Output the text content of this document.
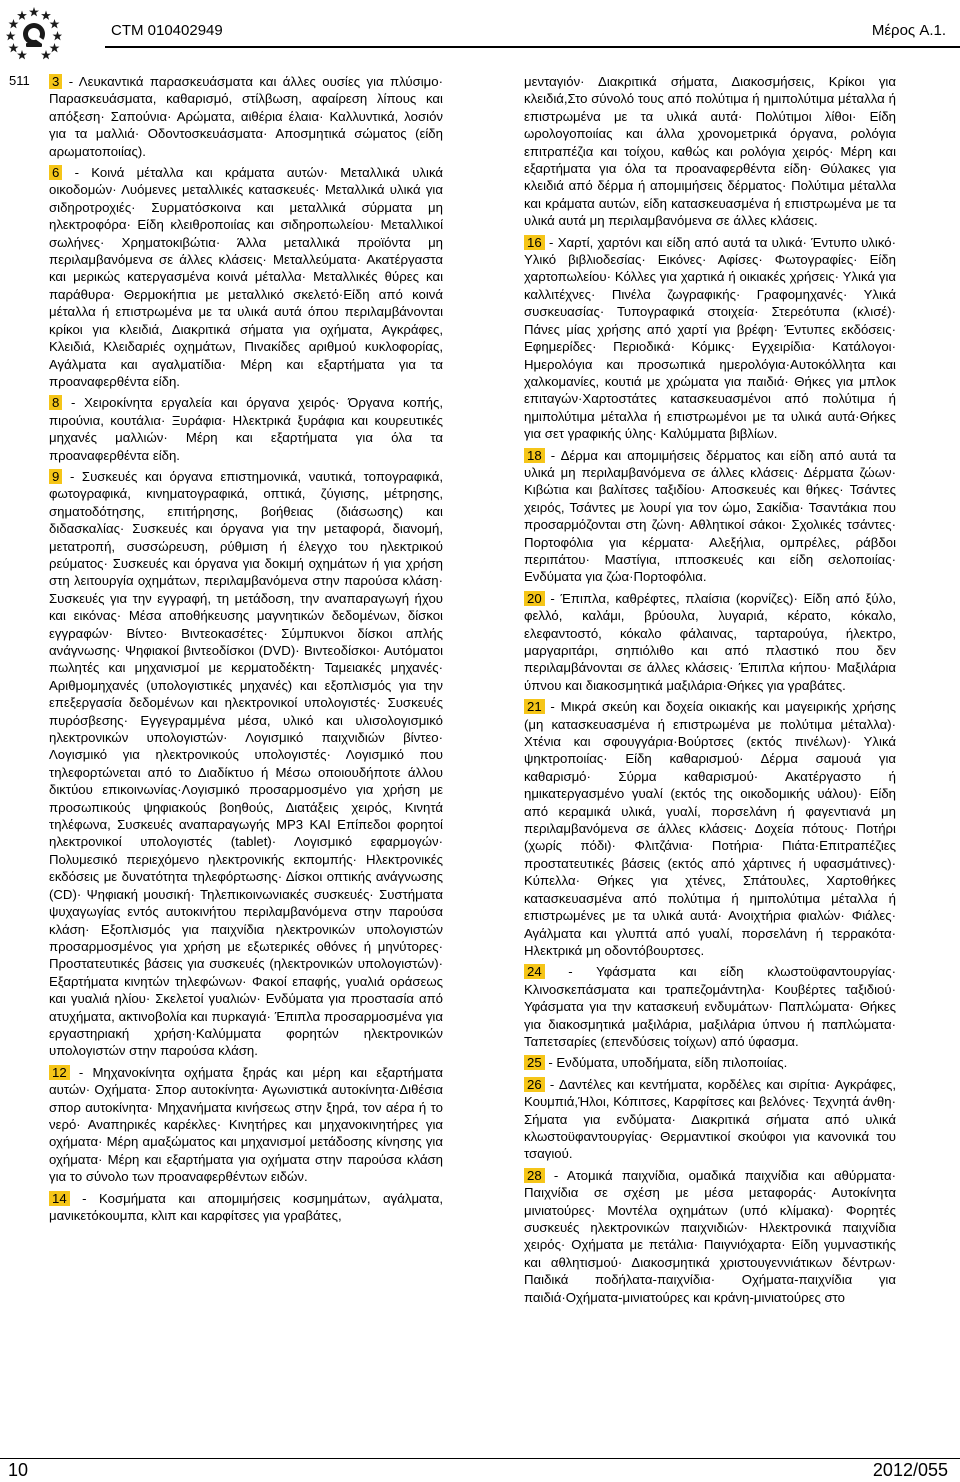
CTM 010402949	Μέρος A.1.
511 3 - Λευκαντικά παρασκευάσματα και άλλες ουσίες για πλύσιμο· Παρασκευάσματα, καθαρισμό, στίλβωση, αφαίρεση λίπους και απόξεση· Σαπούνια· Αρώματα, αιθέρια έλαια· Καλλυντικά, λοσιόν για τα μαλλιά· Οδοντοσκευάσματα· Αποσμητικά σώματος (είδη αρωματοποιίας).

6 - Κοινά μέταλλα και κράματα αυτών· Μεταλλικά υλικά οικοδομών· Λυόμενες μεταλλικές κατασκευές· Μεταλλικά υλικά για σιδηροτροχιές· Συρματόσκοινα και μεταλλικά σύρματα μη ηλεκτροφόρα· Είδη κλειθροποιίας και σιδηροπωλείου· Μεταλλικοί σωλήνες· Χρηματοκιβώτια· Άλλα μεταλλικά προϊόντα μη περιλαμβανόμενα σε άλλες κλάσεις· Μεταλλεύματα· Ακατέργαστα και μερικώς κατεργασμένα κοινά μέταλλα· Μεταλλικές θύρες και παράθυρα· Θερμοκήπια με μεταλλικό σκελετό·Είδη από κοινά μέταλλα ή επιστρωμένα με τα υλικά αυτά όπου περιλαμβάνονται κρίκοι για κλειδιά, Διακριτικά σήματα για οχήματα, Αγκράφες, Κλειδιά, Κλειδαριές οχημάτων, Πινακίδες αριθμού κυκλοφορίας, Αγάλματα και αγαλματίδια· Μέρη και εξαρτήματα για τα προαναφερθέντα είδη.

8 - Χειροκίνητα εργαλεία και όργανα χειρός· Όργανα κοπής, πιρούνια, κουτάλια· Ξυράφια· Ηλεκτρικά ξυράφια και κουρευτικές μηχανές μαλλιών· Μέρη και εξαρτήματα για όλα τα προαναφερθέντα είδη.

9 - Συσκευές και όργανα επιστημονικά, ναυτικά, τοπογραφικά, φωτογραφικά, κινηματογραφικά, οπτικά, ζύγισης, μέτρησης, σηματοδότησης, επιτήρησης, βοήθειας (διάσωσης) και διδασκαλίας· Συσκευές και όργανα για την μεταφορά, διανομή, μετατροπή, συσσώρευση, ρύθμιση ή έλεγχο του ηλεκτρικού ρεύματος· Συσκευές και όργανα για δοκιμή οχημάτων ή για χρήση στη λειτουργία οχημάτων, περιλαμβανόμενα στην παρούσα κλάση· Συσκευές για την εγγραφή, τη μετάδοση, την αναπαραγωγή ήχου και εικόνας· Μέσα αποθήκευσης μαγνητικών δεδομένων, δίσκοι εγγραφών· Βίντεο· Βιντεοκασέτες· Σύμπυκνοι δίσκοι απλής ανάγνωσης· Ψηφιακοί βιντεοδίσκοι (DVD)· Βιντεοδίσκοι· Αυτόματοι πωλητές και μηχανισμοί με κερματοδέκτη· Ταμειακές μηχανές· Αριθμομηχανές (υπολογιστικές μηχανές) και εξοπλισμός για την επεξεργασία δεδομένων και ηλεκτρονικοί υπολογιστές· Συσκευές πυρόσβεσης· Εγγεγραμμένα μέσα, υλικό και υλισολογισμικό ηλεκτρονικών υπολογιστών· Λογισμικό παιχνιδιών βίντεο· Λογισμικό για ηλεκτρονικούς υπολογιστές· Λογισμικό που τηλεφορτώνεται από το Διαδίκτυο ή Μέσω οποιουδήποτε άλλου δικτύου επικοινωνίας·Λογισμικό προσαρμοσμένο για χρήση με προσωπικούς ψηφιακούς βοηθούς, Διατάξεις χειρός, Κινητά τηλέφωνα, Συσκευές αναπαραγωγής MP3 ΚΑΙ Επίπεδοι φορητοί ηλεκτρονικοί υπολογιστές (tablet)· Λογισμικό εφαρμογών· Πολυμεσικό περιεχόμενο ηλεκτρονικής εκπομπής· Ηλεκτρονικές εκδόσεις με δυνατότητα τηλεφόρτωσης· Δίσκοι οπτικής ανάγνωσης (CD)· Ψηφιακή μουσική· Τηλεπικοινωνιακές συσκευές· Συστήματα ψυχαγωγίας εντός αυτοκινήτου περιλαμβανόμενα στην παρούσα κλάση· Εξοπλισμός για παιχνίδια ηλεκτρονικών υπολογιστών προσαρμοσμένος για χρήση με εξωτερικές οθόνες ή μηνύτορες· Προστατευτικές βάσεις για συσκευές (ηλεκτρονικών υπολογιστών)· Εξαρτήματα κινητών τηλεφώνων· Φακοί επαφής, γυαλιά οράσεως και γυαλιά ηλίου· Σκελετοί γυαλιών· Ενδύματα για προστασία από ατυχήματα, ακτινοβολία και πυρκαγιά· Έπιπλα προσαρμοσμένα για εργαστηριακή χρήση·Καλύμματα φορητών ηλεκτρονικών υπολογιστών στην παρούσα κλάση.

12 - Μηχανοκίνητα οχήματα ξηράς και μέρη και εξαρτήματα αυτών· Οχήματα· Σπορ αυτοκίνητα· Αγωνιστικά αυτοκίνητα·Διθέσια σπορ αυτοκίνητα· Μηχανήματα κινήσεως στην ξηρά, τον αέρα ή το νερό· Αναπηρικές καρέκλες· Κινητήρες και μηχανοκινητήρες για οχήματα· Μέρη αμαξώματος και μηχανισμοί μετάδοσης κίνησης για οχήματα· Μέρη και εξαρτήματα για οχήματα στην παρούσα κλάση για το σύνολο των προαναφερθέντων ειδών.

14 - Κοσμήματα και απομιμήσεις κοσμημάτων, αγάλματα, μανικετόκουμπα, κλιπ και καρφίτσες για γραβάτες,

μενταγιόν· Διακριτικά σήματα, Διακοσμήσεις, Κρίκοι για κλειδιά,Στο σύνολό τους από πολύτιμα ή ημιπολύτιμα μέταλλα ή επιστρωμένα με τα υλικά αυτά· Πολύτιμοι λίθοι· Είδη ωρολογοποιίας και άλλα χρονομετρικά όργανα, ρολόγια επιτραπέζια και τοίχου, καθώς και ρολόγια χειρός· Μέρη και εξαρτήματα για όλα τα προαναφερθέντα είδη· Θύλακες για κλειδιά από δέρμα ή απομιμήσεις δέρματος· Πολύτιμα μέταλλα και κράματα αυτών, είδη κατασκευασμένα ή επιστρωμένα με τα υλικά αυτά μη περιλαμβανόμενα σε άλλες κλάσεις.

16 - Χαρτί, χαρτόνι και είδη από αυτά τα υλικά· Έντυπο υλικό· Υλικό βιβλιοδεσίας· Εικόνες· Αφίσες· Φωτογραφίες· Είδη χαρτοπωλείου· Κόλλες για χαρτικά ή οικιακές χρήσεις· Υλικά για καλλιτέχνες· Πινέλα ζωγραφικής· Γραφομηχανές· Υλικά συσκευασίας· Τυπογραφικά στοιχεία· Στερεότυπα (κλισέ)· Πάνες μίας χρήσης από χαρτί για βρέφη· Έντυπες εκδόσεις· Εφημερίδες· Περιοδικά· Κόμικς· Εγχειρίδια· Κατάλογοι· Ημερολόγια και προσωπικά ημερολόγια·Αυτοκόλλητα και χαλκομανίες, κουτιά με χρώματα για παιδιά· Θήκες για μπλοκ επιταγών·Χαρτοστάτες κατασκευασμένοι από πολύτιμα ή ημιπολύτιμα μέταλλα ή επιστρωμένοι με τα υλικά αυτά·Θήκες για σετ γραφικής ύλης· Καλύμματα βιβλίων.

18 - Δέρμα και απομιμήσεις δέρματος και είδη από αυτά τα υλικά μη περιλαμβανόμενα σε άλλες κλάσεις· Δέρματα ζώων· Κιβώτια και βαλίτσες ταξιδίου· Αποσκευές και θήκες· Τσάντες χειρός, Τσάντες με λουρί για τον ώμο, Σακίδια· Τσαντάκια που προσαρμόζονται στη ζώνη· Αθλητικοί σάκοι· Σχολικές τσάντες· Πορτοφόλια για κέρματα· Αλεξήλια, ομπρέλες, ράβδοι περιπάτου· Μαστίγια, ιπποσκευές και είδη σελοποιίας· Ενδύματα για ζώα·Πορτοφόλια.

20 - Έπιπλα, καθρέφτες, πλαίσια (κορνίζες)· Είδη από ξύλο, φελλό, καλάμι, βρύουλα, λυγαριά, κέρατο, κόκαλο, ελεφαντοστό, κόκαλο φάλαινας, ταρταρούγα, ήλεκτρο, μαργαριτάρι, σηπιόλιθο και από πλαστικό που δεν περιλαμβάνονται σε άλλες κλάσεις· Έπιπλα κήπου· Μαξιλάρια ύπνου και διακοσμητικά μαξιλάρια·Θήκες για γραβάτες.

21 - Μικρά σκεύη και δοχεία οικιακής και μαγειρικής χρήσης (μη κατασκευασμένα ή επιστρωμένα με πολύτιμα μέταλλα)· Χτένια και σφουγγάρια·Βούρτσες (εκτός πινέλων)· Υλικά ψηκτροποιίας· Είδη καθαρισμού· Δέρμα σαμουά για καθαρισμό· Σύρμα καθαρισμού· Ακατέργαστο ή ημικατεργασμένο γυαλί (εκτός της οικοδομικής υάλου)· Είδη από κεραμικά υλικά, γυαλί, πορσελάνη ή φαγεντιανά μη περιλαμβανόμενα σε άλλες κλάσεις· Δοχεία πότους· Ποτήρι (χωρίς πόδι)· Φλιτζάνια· Ποτήρια· Πιάτα·Επιτραπέζιες προστατευτικές βάσεις (εκτός από χάρτινες ή υφασμάτινες)· Κύπελλα· Θήκες για χτένες, Σπάτουλες, Χαρτοθήκες κατασκευασμένα από πολύτιμα ή ημιπολύτιμα μέταλλα ή επιστρωμένες με τα υλικά αυτά· Ανοιχτήρια φιαλών· Φιάλες· Αγάλματα και γλυπτά από γυαλί, πορσελάνη ή τερρακότα· Ηλεκτρικά μη οδοντόβουρτσες.

24 - Υφάσματα και είδη κλωστοϋφαντουργίας· Κλινοσκεπάσματα και τραπεζομάντηλα· Κουβέρτες ταξιδιού· Υφάσματα για την κατασκευή ενδυμάτων· Παπλώματα· Θήκες για διακοσμητικά μαξιλάρια, μαξιλάρια ύπνου ή παπλώματα· Ταπετσαρίες (επενδύσεις τοίχων) από ύφασμα.

25 - Ενδύματα, υποδήματα, είδη πιλοποιίας.

26 - Δαντέλες και κεντήματα, κορδέλες και σιρίτια· Αγκράφες, Κουμπιά,Ήλοι, Κόπιτσες, Καρφίτσες και βελόνες· Τεχνητά άνθη· Σήματα για ενδύματα· Διακριτικά σήματα από υλικά κλωστοϋφαντουργίας· Θερμαντικοί σκούφοι για κανονικά του τσαγιού.

28 - Ατομικά παιχνίδια, ομαδικά παιχνίδια και αθύρματα· Παιχνίδια σε σχέση με μέσα μεταφοράς· Αυτοκίνητα μινιατούρες· Μοντέλα οχημάτων (υπό κλίμακα)· Φορητές συσκευές ηλεκτρονικών παιχνιδιών· Ηλεκτρονικά παιχνίδια χειρός· Οχήματα με πετάλια· Παιγνιόχαρτα· Είδη γυμναστικής και αθλητισμού· Διακοσμητικά χριστουγεννιάτικων δέντρων· Παιδικά ποδήλατα-παιχνίδια· Οχήματα-παιχνίδια για παιδιά·Οχήματα-μινιατούρες και κράνη-μινιατούρες στο

10	2012/055
